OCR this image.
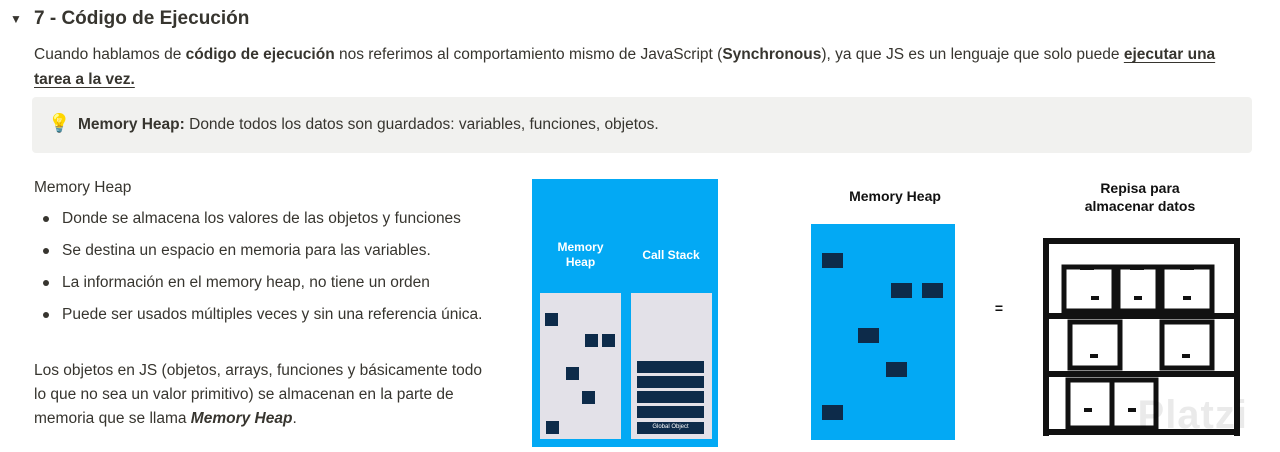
▼ 7 - Código de Ejecución
Cuando hablamos de código de ejecución nos referimos al comportamiento mismo de JavaScript (Synchronous), ya que JS es un lenguaje que solo puede ejecutar una tarea a la vez.
💡 Memory Heap: Donde todos los datos son guardados: variables, funciones, objetos.
Memory Heap
Donde se almacena los valores de las objetos y funciones
Se destina un espacio en memoria para las variables.
La información en el memory heap, no tiene un orden
Puede ser usados múltiples veces y sin una referencia única.
Los objetos en JS (objetos, arrays, funciones y básicamente todo lo que no sea un valor primitivo) se almacenan en la parte de memoria que se llama Memory Heap.
Memory Heap	Call Stack
Global Object
Memory Heap	Repisa para almacenar datos
=
Platzi
